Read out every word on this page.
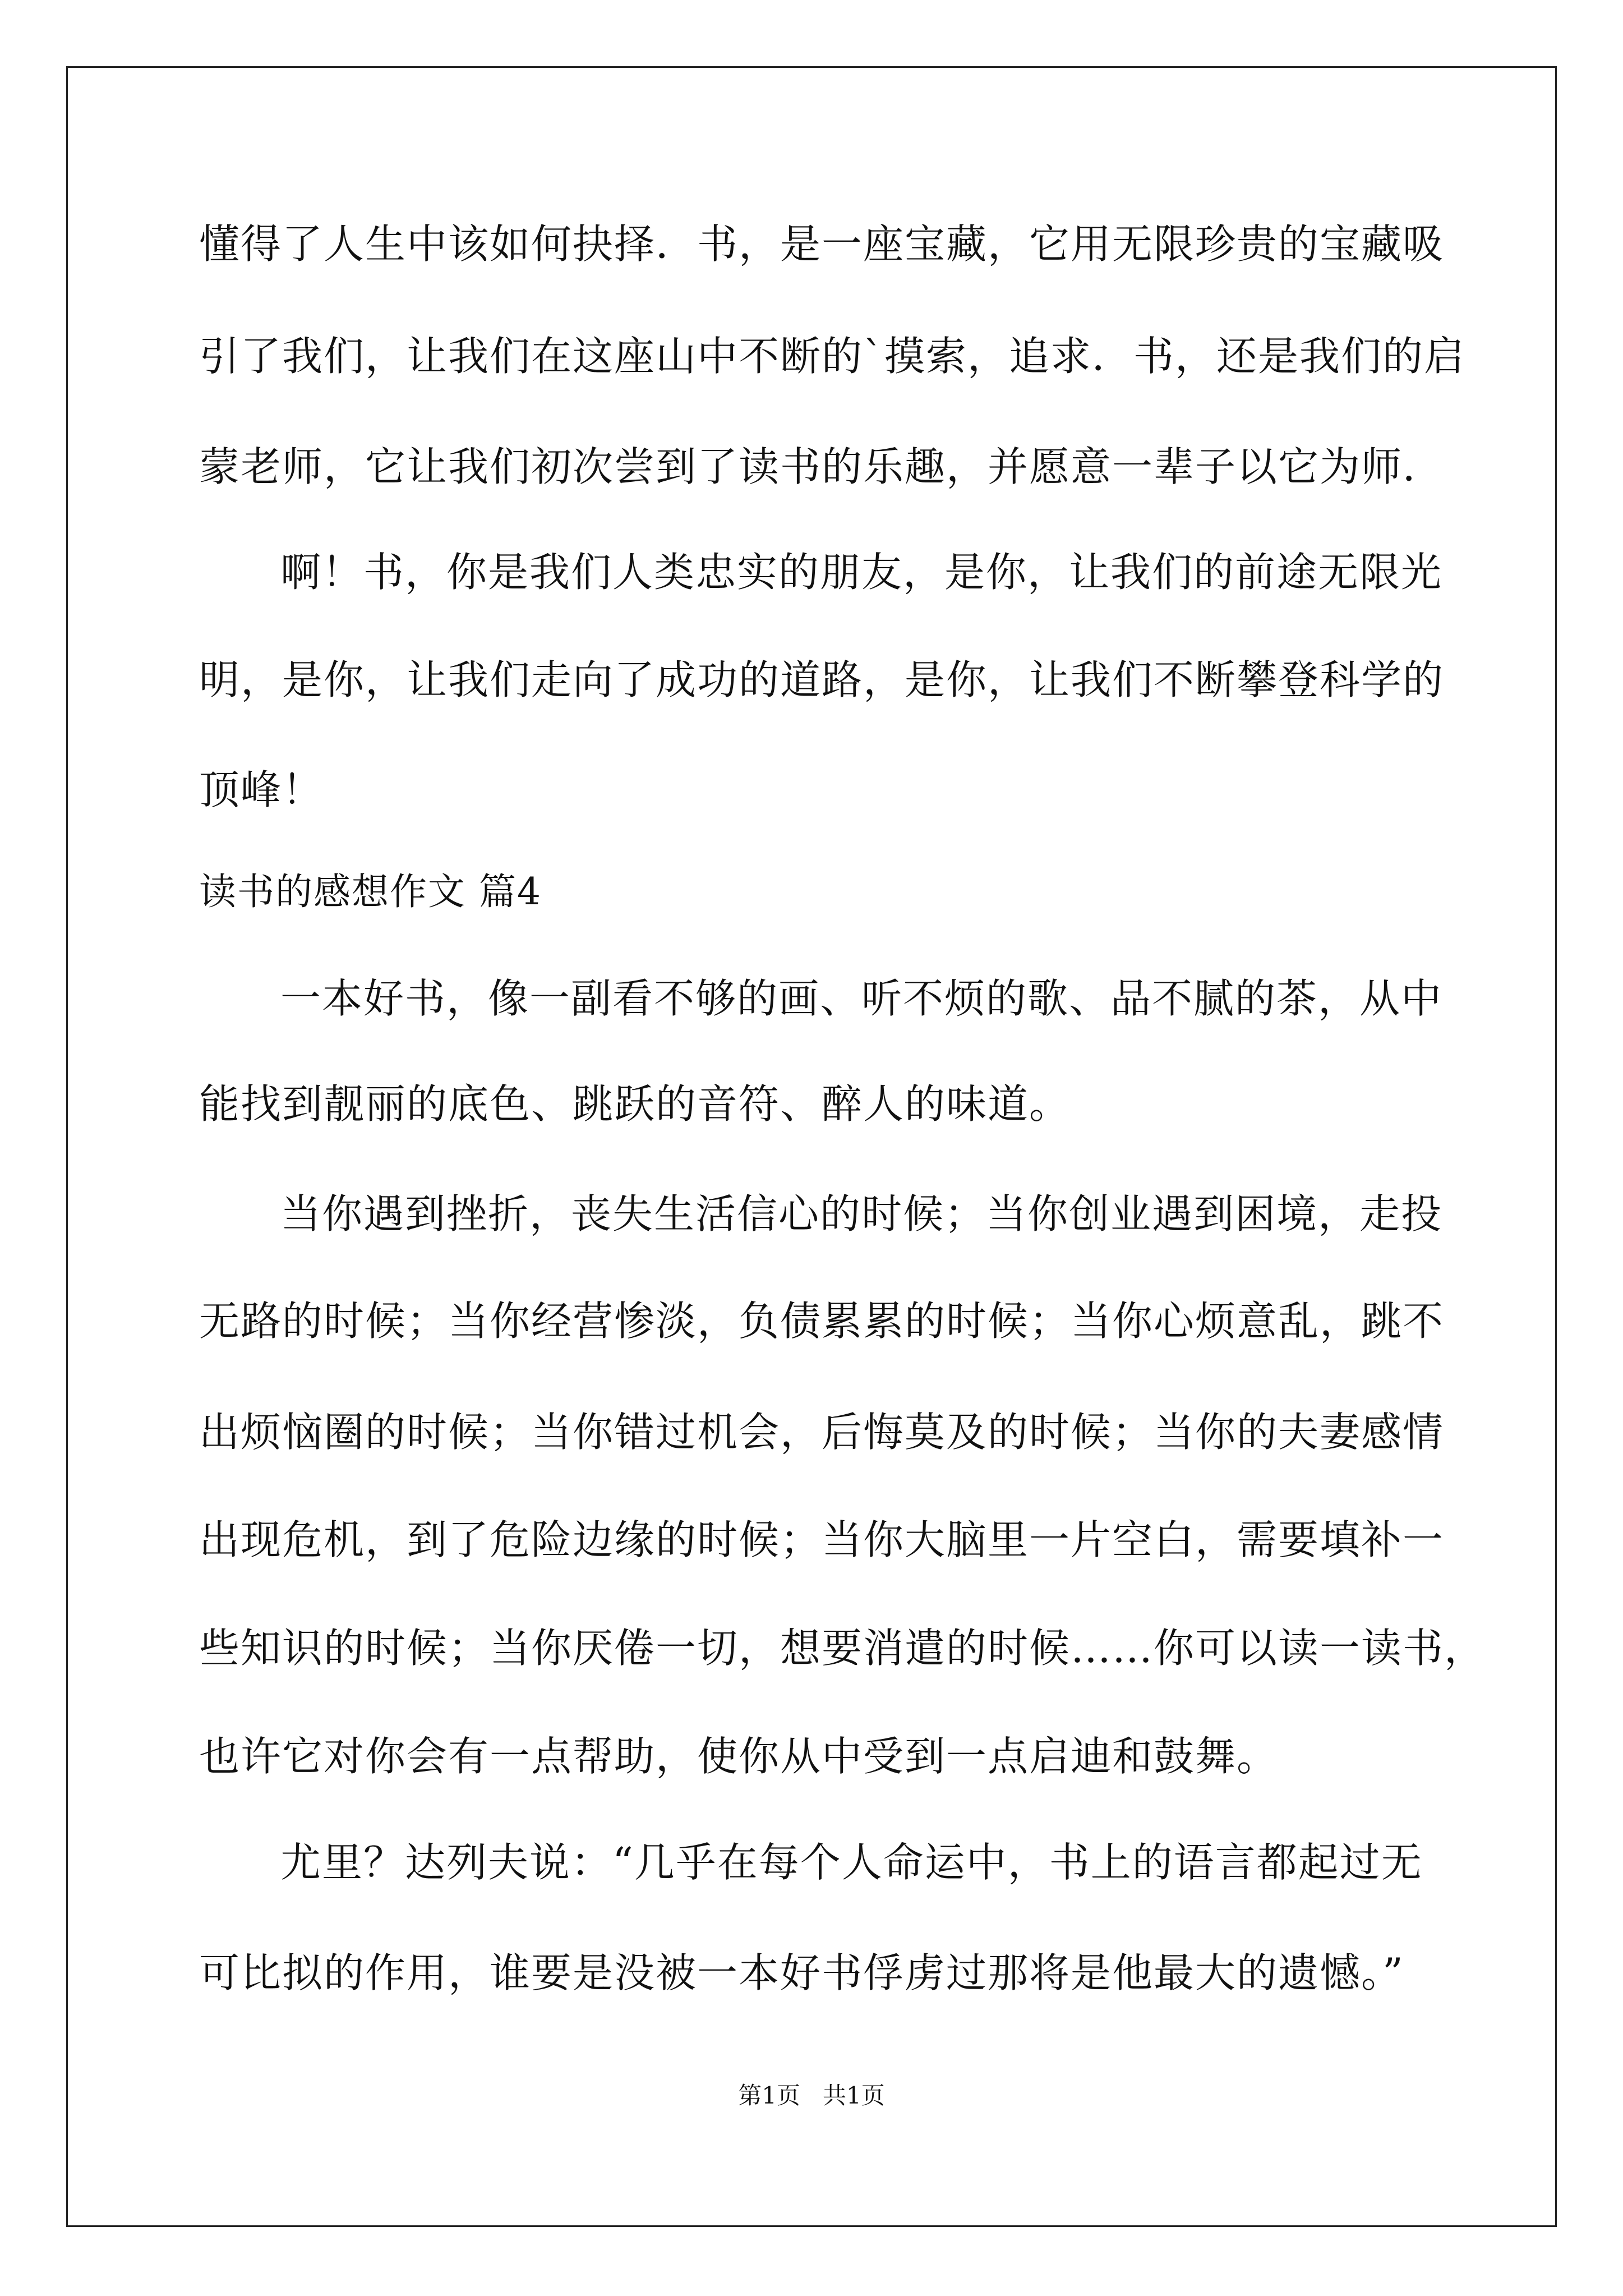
懂得了人生中该如何抉择．书，是一座宝藏，它用无限珍贵的宝藏吸
引了我们，让我们在这座山中不断的`摸索，追求．书，还是我们的启
蒙老师，它让我们初次尝到了读书的乐趣，并愿意一辈子以它为师．
啊！书，你是我们人类忠实的朋友，是你，让我们的前途无限光
明，是你，让我们走向了成功的道路，是你，让我们不断攀登科学的
顶峰！
读书的感想作文 篇4
一本好书，像一副看不够的画、听不烦的歌、品不腻的茶，从中
能找到靓丽的底色、跳跃的音符、醉人的味道。
当你遇到挫折，丧失生活信心的时候；当你创业遇到困境，走投
无路的时候；当你经营惨淡，负债累累的时候；当你心烦意乱，跳不
出烦恼圈的时候；当你错过机会，后悔莫及的时候；当你的夫妻感情
出现危机，到了危险边缘的时候；当你大脑里一片空白，需要填补一
些知识的时候；当你厌倦一切，想要消遣的时候……你可以读一读书，
也许它对你会有一点帮助，使你从中受到一点启迪和鼓舞。
尤里？达列夫说：“几乎在每个人命运中，书上的语言都起过无
可比拟的作用，谁要是没被一本好书俘虏过那将是他最大的遗憾。”
第1页   共1页
